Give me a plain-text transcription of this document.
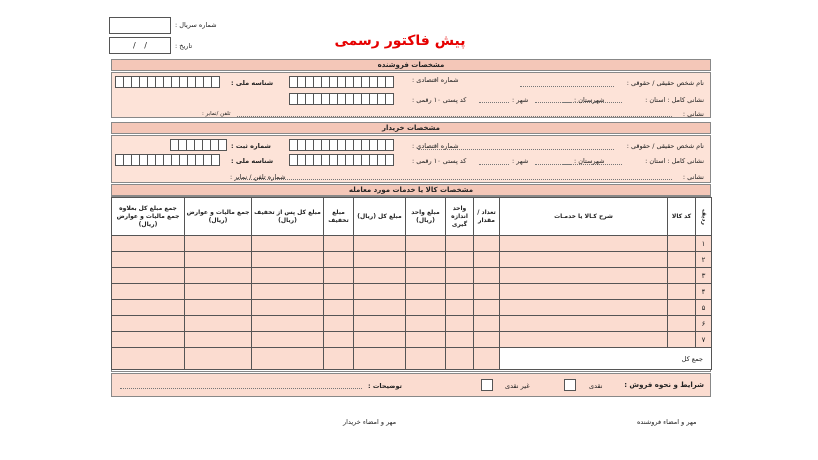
شماره سریال :
/ /	تاریخ :	پیش فاکتور رسمی
مشخصات فروشنده
نام شخص حقیقی / حقوقی :
شماره اقتصادی :
شناسه ملی :
نشانی کامل : استان :
شهرستان :
شهر :
کد پستی ۱۰ رقمی :
نشانی :
تلفن /نمابر :
مشخصات خریدار
نام شخص حقیقی / حقوقی :
شماره اقتصادی :
شماره ثبت :
نشانی کامل : استان :
شهرستان :
شهر :
کد پستی ۱۰ رقمی :
شناسه ملی :
نشانی :
شماره تلفن / نمابر :
مشخصات کالا یا خدمات مورد معامله
جمع مبلغ کل بعلاوه جمع مالیات و عوارض (ریال)	جمع مالیات و عوارض (ریال)	مبلغ کل پس از تخفیف (ریال)	مبلغ تخفیف	مبلغ کل (ریال)	مبلغ واحد (ریال)	واحد اندازه گیری	تعداد / مقدار	شرح کـالا یا خدمـات	کد کالا	ردیف
										۱
										۲
										۳
										۴
										۵
										۶
										۷
								جمع کل		
شرایط و نحوه فروش :
نقدی
غیر نقدی
توضیحات :
مهر و امضاء فروشنده
مهر و امضاء خریدار
